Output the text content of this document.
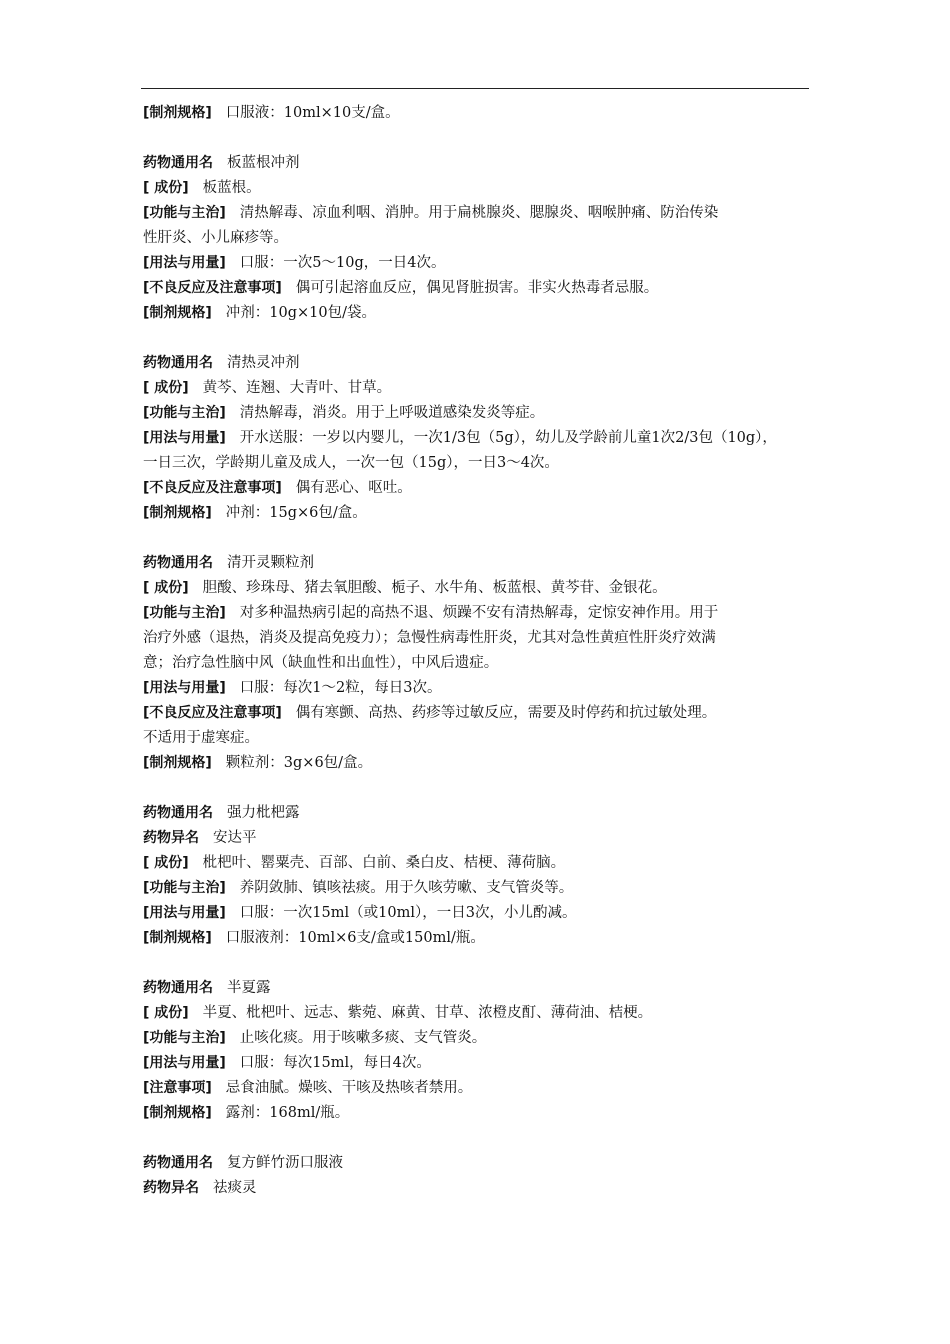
[制剂规格] 口服液：10ml×10支/盒。

药物通用名 板蓝根冲剂

[ 成份] 板蓝根。

[功能与主治] 清热解毒、凉血利咽、消肿。用于扁桃腺炎、腮腺炎、咽喉肿痛、防治传染

性肝炎、小儿麻疹等。

[用法与用量] 口服：一次5～10g，一日4次。

[不良反应及注意事项] 偶可引起溶血反应，偶见肾脏损害。非实火热毒者忌服。

[制剂规格] 冲剂：10g×10包/袋。

药物通用名 清热灵冲剂

[ 成份] 黄芩、连翘、大青叶、甘草。

[功能与主治] 清热解毒，消炎。用于上呼吸道感染发炎等症。

[用法与用量] 开水送服：一岁以内婴儿，一次1/3包（5g），幼儿及学龄前儿童1次2/3包（10g），

一日三次，学龄期儿童及成人，一次一包（15g），一日3～4次。

[不良反应及注意事项] 偶有恶心、呕吐。

[制剂规格] 冲剂：15g×6包/盒。

药物通用名 清开灵颗粒剂

[ 成份] 胆酸、珍珠母、猪去氧胆酸、栀子、水牛角、板蓝根、黄芩苷、金银花。

[功能与主治] 对多种温热病引起的高热不退、烦躁不安有清热解毒，定惊安神作用。用于

治疗外感（退热，消炎及提高免疫力）；急慢性病毒性肝炎，尤其对急性黄疸性肝炎疗效满

意；治疗急性脑中风（缺血性和出血性），中风后遗症。

[用法与用量] 口服：每次1～2粒，每日3次。

[不良反应及注意事项] 偶有寒颤、高热、药疹等过敏反应，需要及时停药和抗过敏处理。

不适用于虚寒症。

[制剂规格] 颗粒剂：3g×6包/盒。

药物通用名 强力枇杷露

药物异名 安达平

[ 成份] 枇杷叶、罂粟壳、百部、白前、桑白皮、桔梗、薄荷脑。

[功能与主治] 养阴敛肺、镇咳祛痰。用于久咳劳嗽、支气管炎等。

[用法与用量] 口服：一次15ml（或10ml），一日3次，小儿酌减。

[制剂规格] 口服液剂：10ml×6支/盒或150ml/瓶。

药物通用名 半夏露

[ 成份] 半夏、枇杷叶、远志、紫菀、麻黄、甘草、浓橙皮酊、薄荷油、桔梗。

[功能与主治] 止咳化痰。用于咳嗽多痰、支气管炎。

[用法与用量] 口服：每次15ml，每日4次。

[注意事项] 忌食油腻。燥咳、干咳及热咳者禁用。

[制剂规格] 露剂：168ml/瓶。

药物通用名 复方鲜竹沥口服液

药物异名 祛痰灵
